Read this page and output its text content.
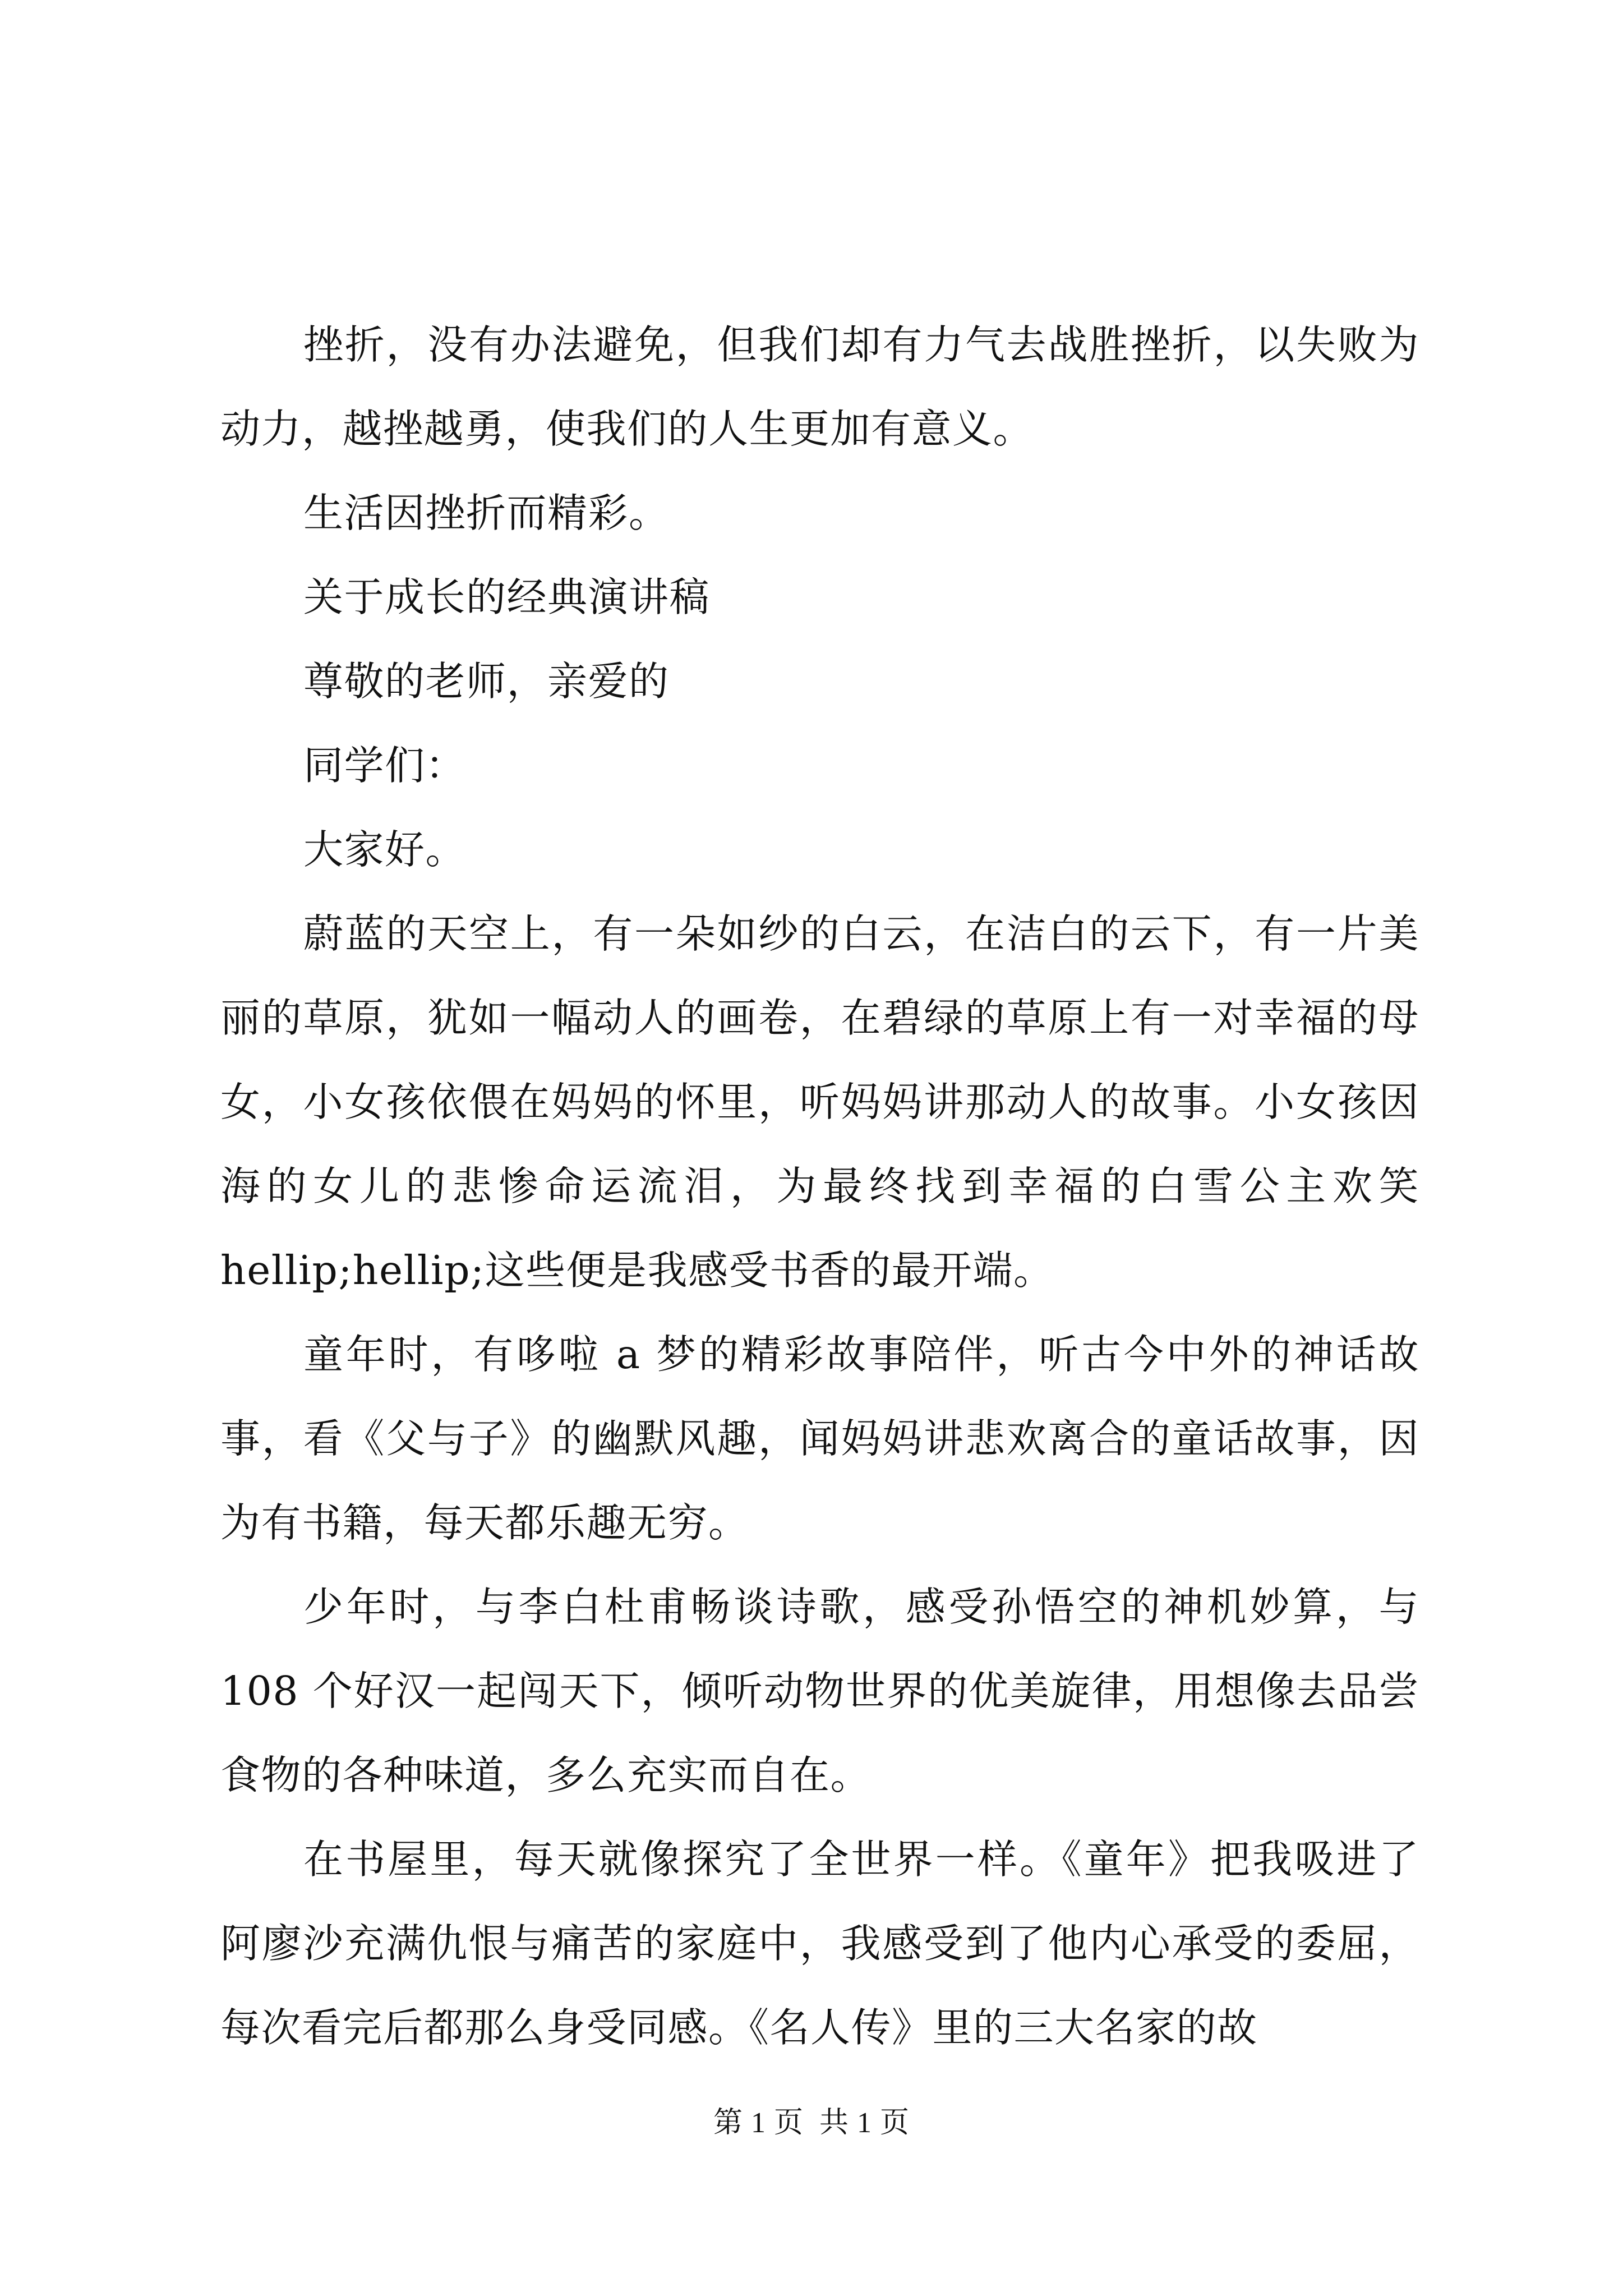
挫折，没有办法避免，但我们却有力气去战胜挫折，以失败为动力，越挫越勇，使我们的人生更加有意义。

生活因挫折而精彩。

关于成长的经典演讲稿

尊敬的老师，亲爱的

同学们：

大家好。

蔚蓝的天空上，有一朵如纱的白云，在洁白的云下，有一片美丽的草原，犹如一幅动人的画卷，在碧绿的草原上有一对幸福的母女，小女孩依偎在妈妈的怀里，听妈妈讲那动人的故事。小女孩因海的女儿的悲惨命运流泪，为最终找到幸福的白雪公主欢笑 hellip;hellip;这些便是我感受书香的最开端。

童年时，有哆啦 a 梦的精彩故事陪伴，听古今中外的神话故事，看《父与子》的幽默风趣，闻妈妈讲悲欢离合的童话故事，因为有书籍，每天都乐趣无穷。

少年时，与李白杜甫畅谈诗歌，感受孙悟空的神机妙算，与 108 个好汉一起闯天下，倾听动物世界的优美旋律，用想像去品尝食物的各种味道，多么充实而自在。

在书屋里，每天就像探究了全世界一样。《童年》把我吸进了阿廖沙充满仇恨与痛苦的家庭中，我感受到了他内心承受的委屈，每次看完后都那么身受同感。《名人传》里的三大名家的故

第 1 页  共 1 页
